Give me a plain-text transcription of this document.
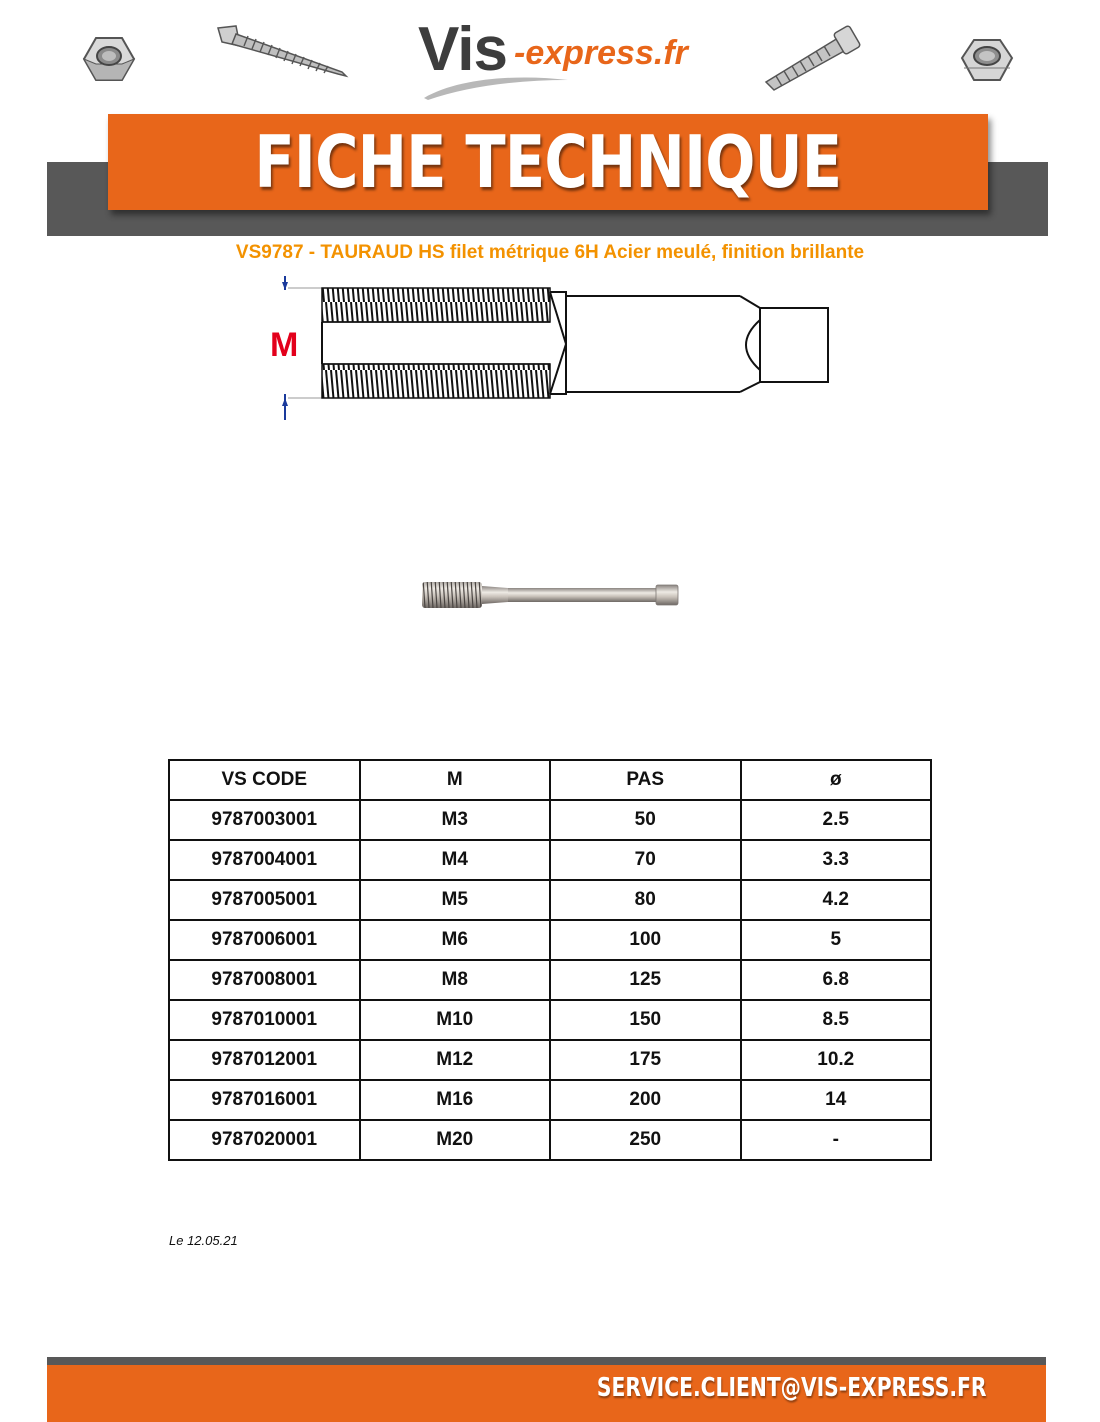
Vis -express.fr
FICHE TECHNIQUE
VS9787 - TAURAUD HS filet métrique 6H Acier meulé, finition brillante
M
VS CODE	M	PAS	ø
9787003001	M3	50	2.5
9787004001	M4	70	3.3
9787005001	M5	80	4.2
9787006001	M6	100	5
9787008001	M8	125	6.8
9787010001	M10	150	8.5
9787012001	M12	175	10.2
9787016001	M16	200	14
9787020001	M20	250	-
Le 12.05.21
SERVICE.CLIENT@VIS-EXPRESS.FR
